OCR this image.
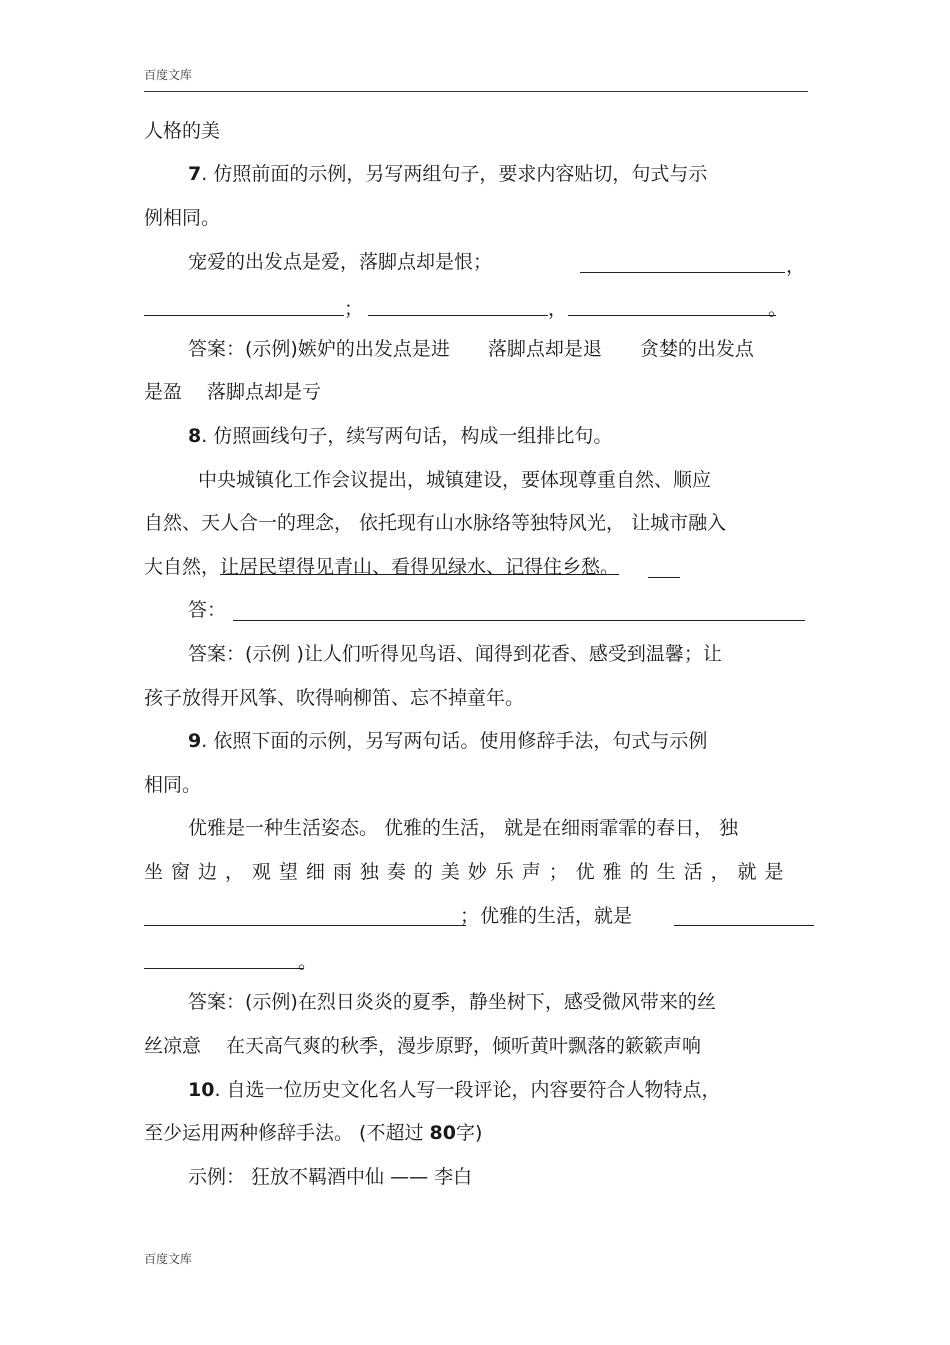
百度文库
人格的美
7. 仿照前面的示例，另写两组句子，要求内容贴切，句式与示
例相同。
宠爱的出发点是爱，落脚点却是恨；	，
；	，	。
答案：(示例)嫉妒的出发点是进　　落脚点却是退　　贪婪的出发点
是盈　 落脚点却是亏
8. 仿照画线句子，续写两句话，构成一组排比句。
中央城镇化工作会议提出，城镇建设，要体现尊重自然、顺应
自然、天人合一的理念， 依托现有山水脉络等独特风光， 让城市融入
大自然，让居民望得见青山、看得见绿水、记得住乡愁。
答：
答案：(示例 )让人们听得见鸟语、闻得到花香、感受到温馨；让
孩子放得开风筝、吹得响柳笛、忘不掉童年。
9. 依照下面的示例，另写两句话。使用修辞手法，句式与示例
相同。
优雅是一种生活姿态。 优雅的生活， 就是在细雨霏霏的春日， 独
坐窗边，观望细雨独奏的美妙乐声；优雅的生活，就是
； 优雅的生活，就是
。
答案：(示例)在烈日炎炎的夏季，静坐树下，感受微风带来的丝
丝凉意　 在天高气爽的秋季，漫步原野，倾听黄叶飘落的簌簌声响
10. 自选一位历史文化名人写一段评论，内容要符合人物特点，
至少运用两种修辞手法。 (不超过 80字)
示例： 狂放不羁酒中仙 —— 李白
百度文库
